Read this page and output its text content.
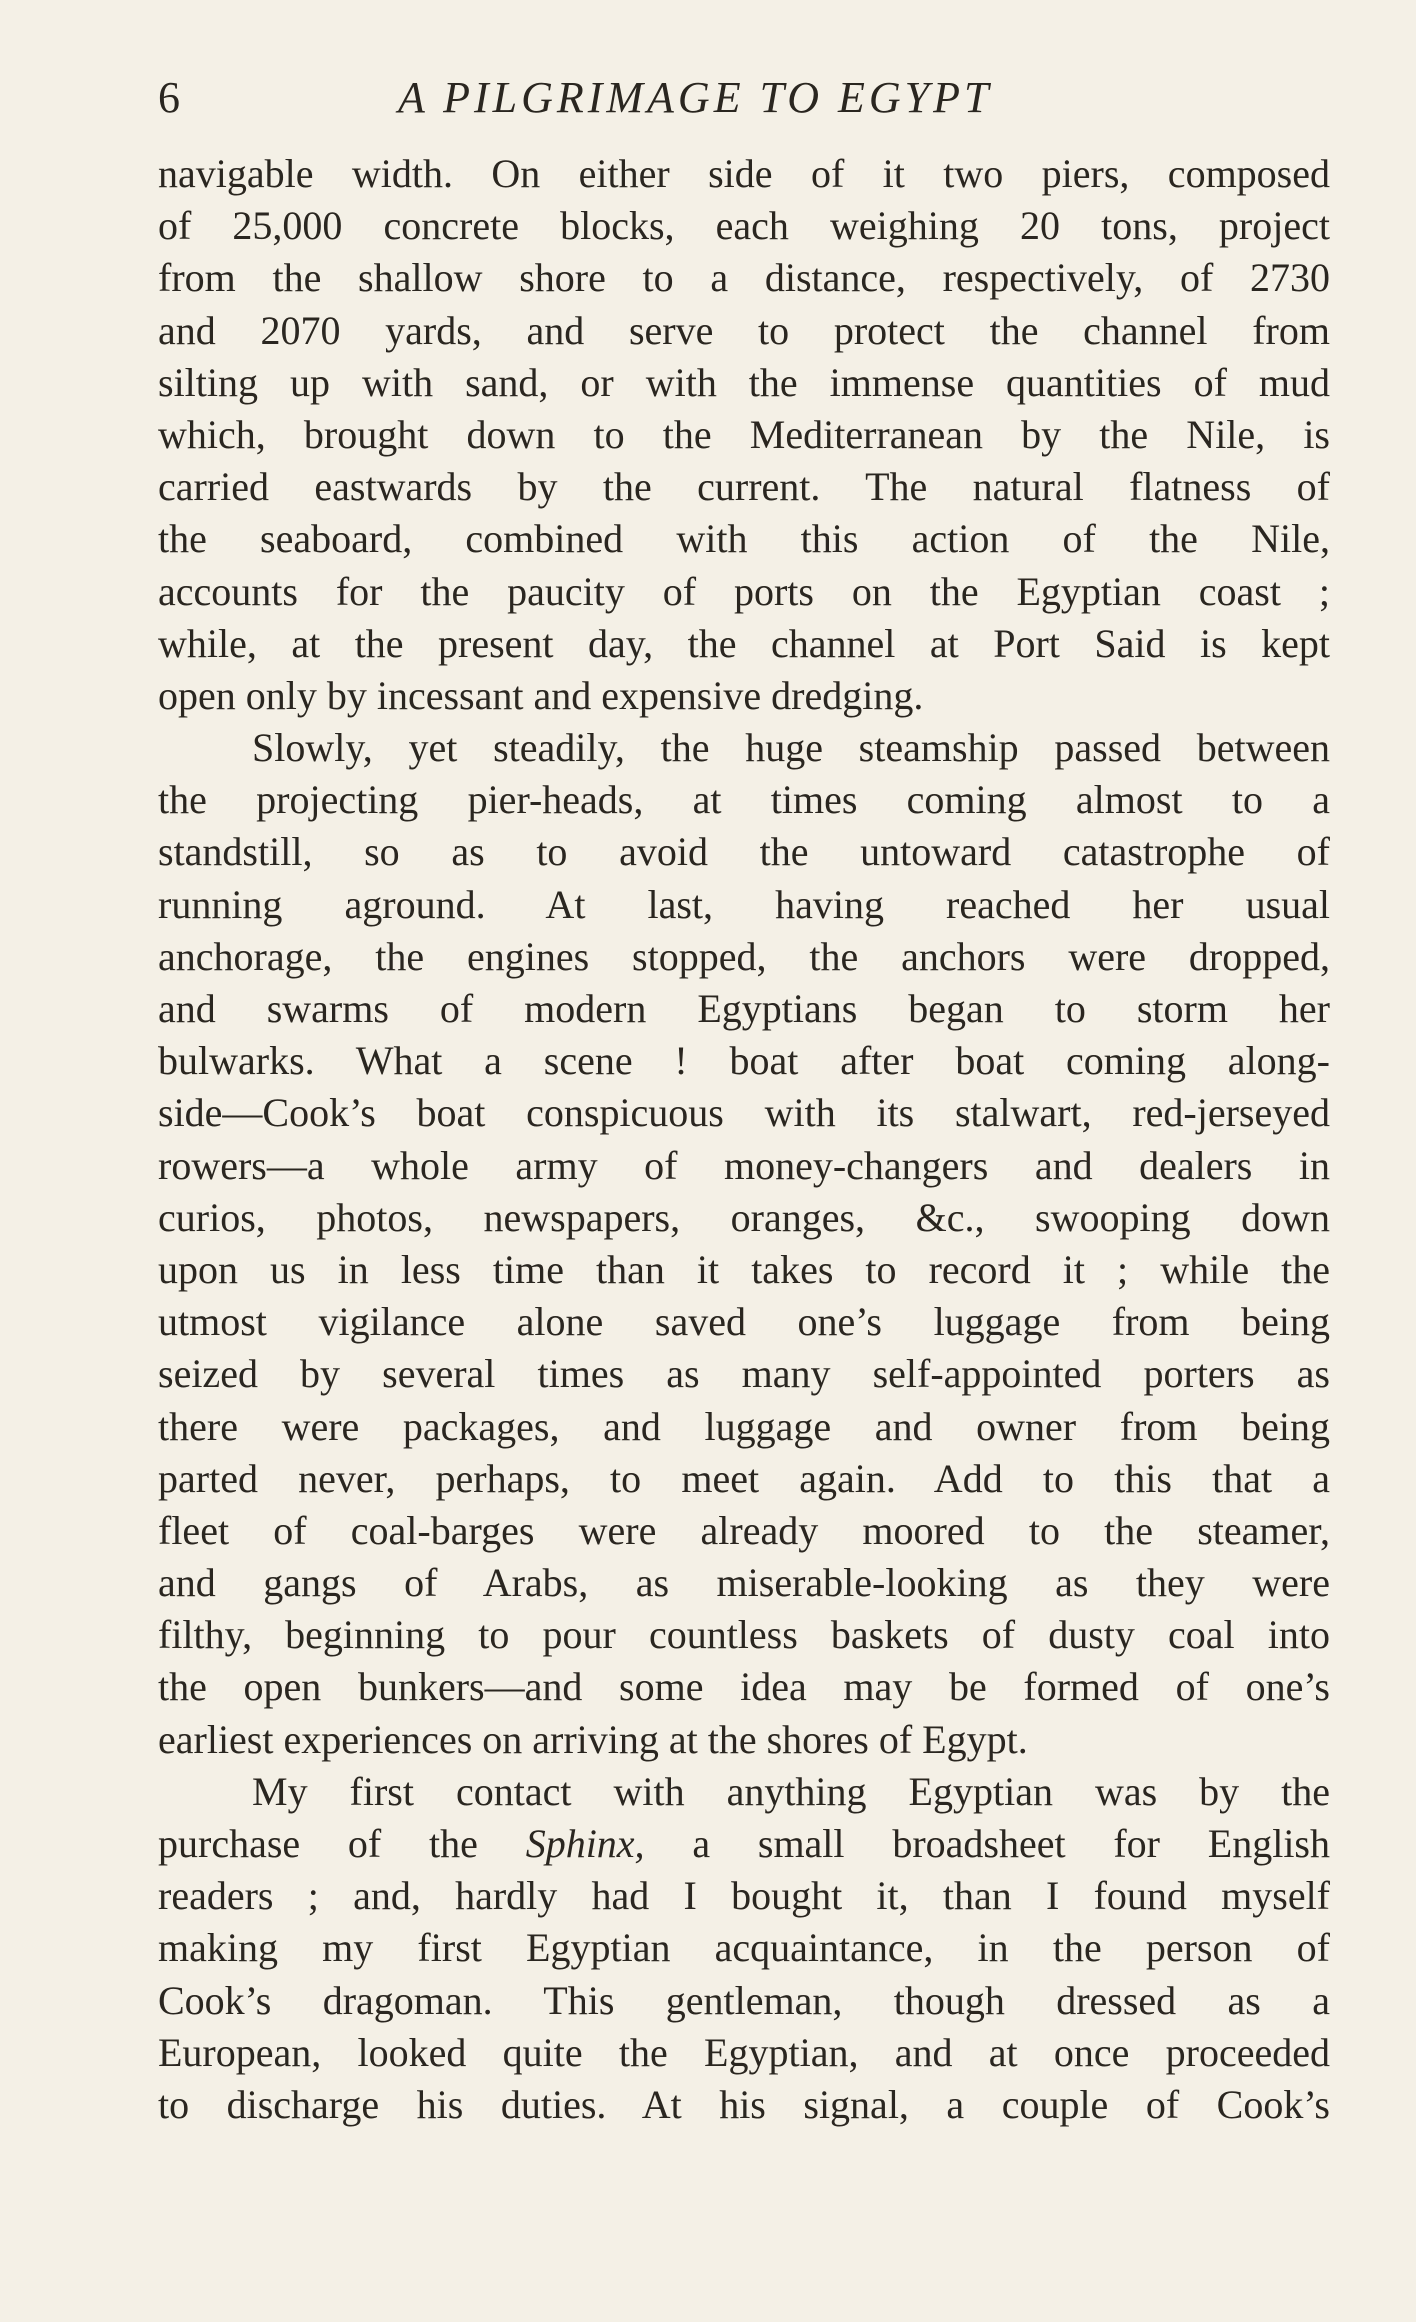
6	A PILGRIMAGE TO EGYPT
navigable width. On either side of it two piers, composed
of 25,000 concrete blocks, each weighing 20 tons, project
from the shallow shore to a distance, respectively, of 2730
and 2070 yards, and serve to protect the channel from
silting up with sand, or with the immense quantities of mud
which, brought down to the Mediterranean by the Nile, is
carried eastwards by the current. The natural flatness of
the seaboard, combined with this action of the Nile,
accounts for the paucity of ports on the Egyptian coast ;
while, at the present day, the channel at Port Said is kept
open only by incessant and expensive dredging.
Slowly, yet steadily, the huge steamship passed between
the projecting pier-heads, at times coming almost to a
standstill, so as to avoid the untoward catastrophe of
running aground. At last, having reached her usual
anchorage, the engines stopped, the anchors were dropped,
and swarms of modern Egyptians began to storm her
bulwarks. What a scene ! boat after boat coming along-
side—Cook’s boat conspicuous with its stalwart, red-jerseyed
rowers—a whole army of money-changers and dealers in
curios, photos, newspapers, oranges, &c., swooping down
upon us in less time than it takes to record it ; while the
utmost vigilance alone saved one’s luggage from being
seized by several times as many self-appointed porters as
there were packages, and luggage and owner from being
parted never, perhaps, to meet again. Add to this that a
fleet of coal-barges were already moored to the steamer,
and gangs of Arabs, as miserable-looking as they were
filthy, beginning to pour countless baskets of dusty coal into
the open bunkers—and some idea may be formed of one’s
earliest experiences on arriving at the shores of Egypt.
My first contact with anything Egyptian was by the
purchase of the Sphinx, a small broadsheet for English
readers ; and, hardly had I bought it, than I found myself
making my first Egyptian acquaintance, in the person of
Cook’s dragoman. This gentleman, though dressed as a
European, looked quite the Egyptian, and at once proceeded
to discharge his duties. At his signal, a couple of Cook’s
